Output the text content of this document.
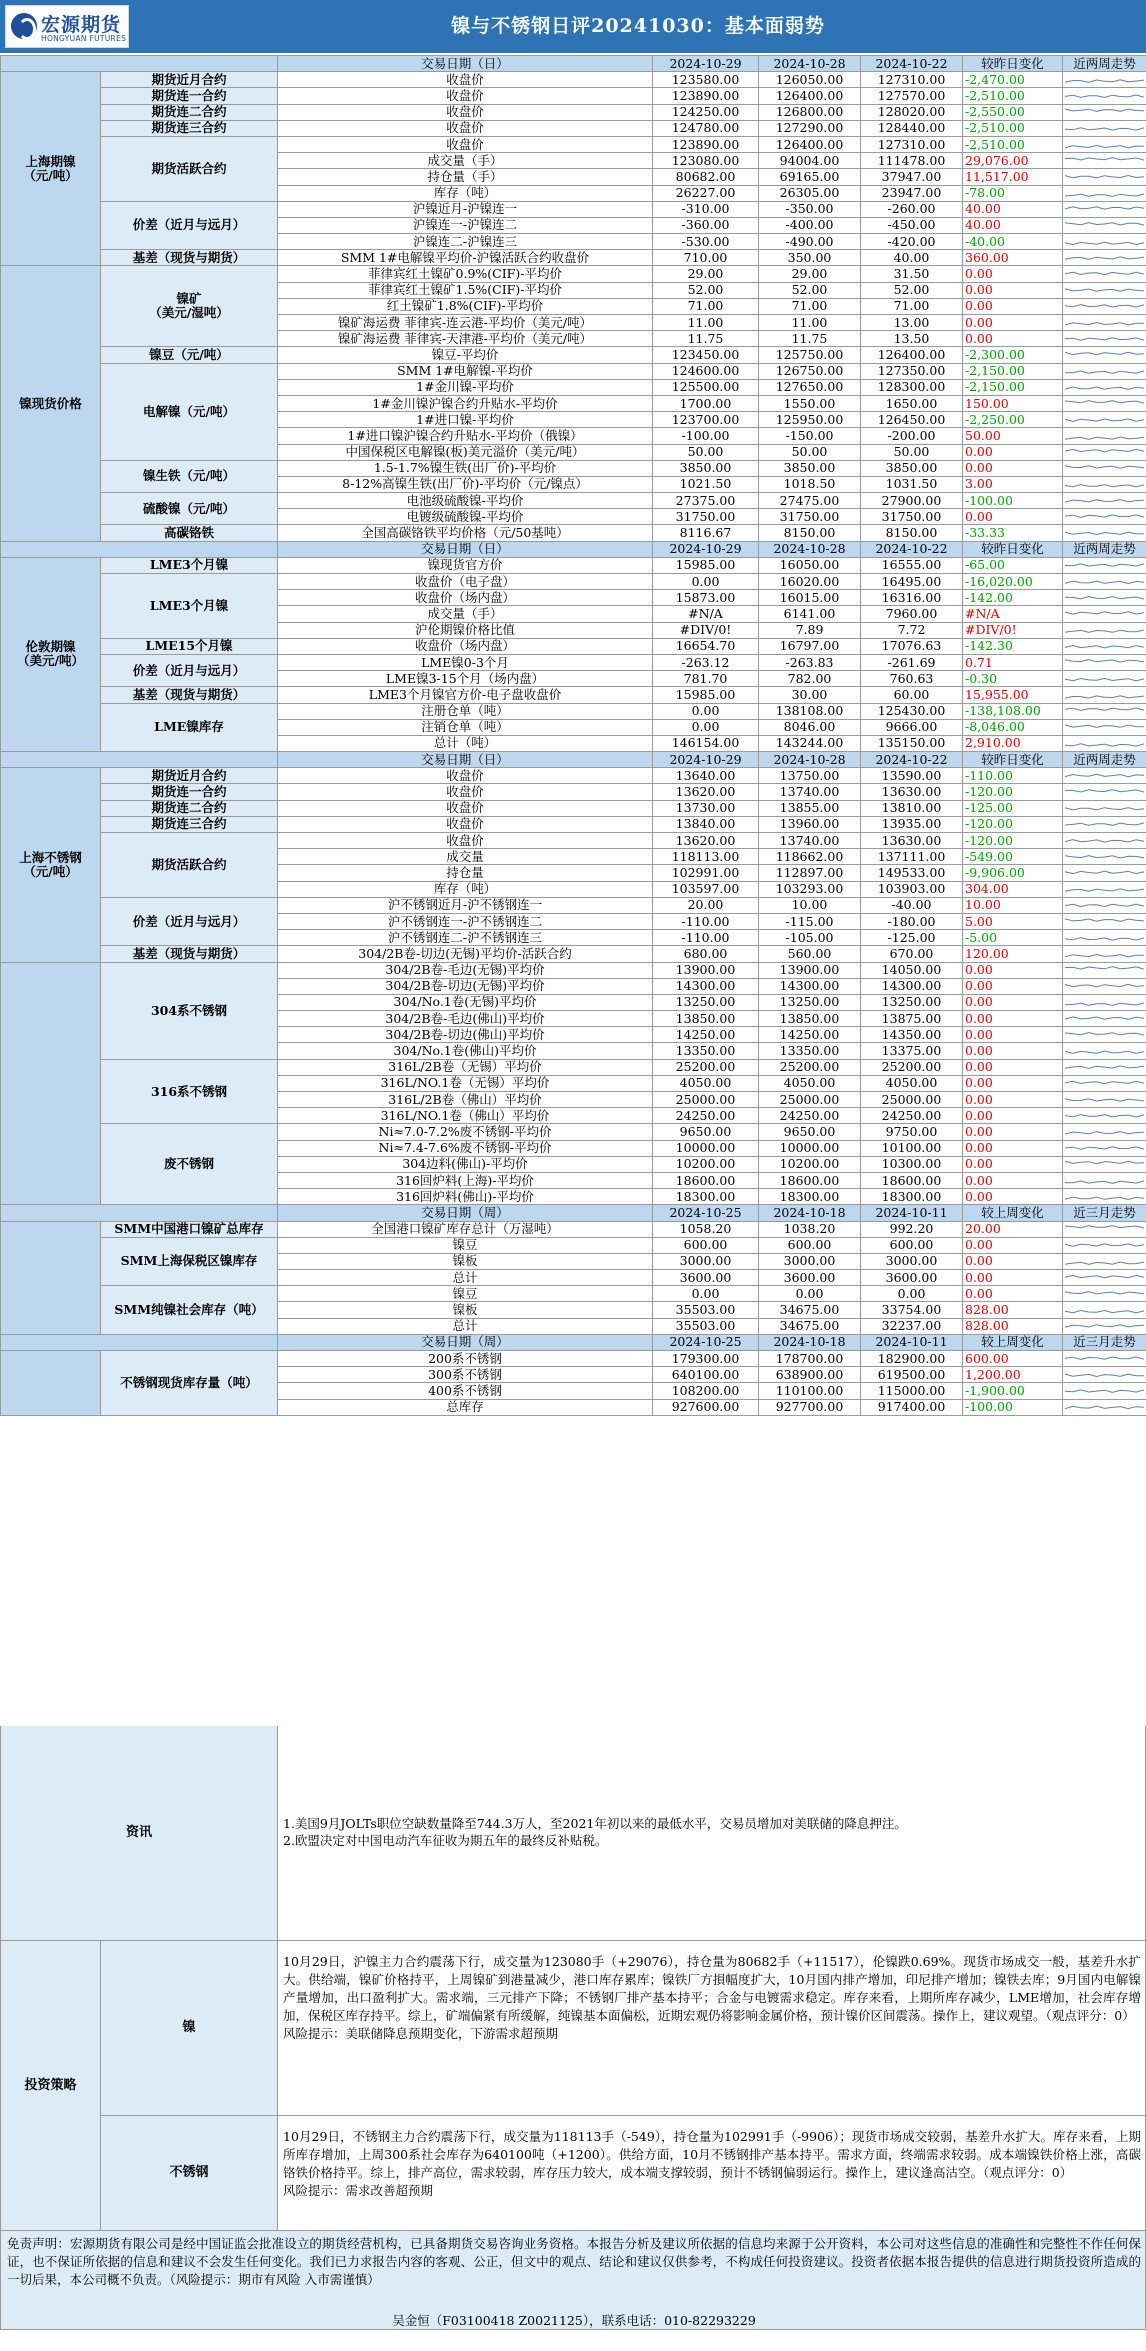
宏源期货
HONGYUAN FUTURES
镍与不锈钢日评20241030：基本面弱势
		交易日期（日）	2024-10-29	2024-10-28	2024-10-22	较昨日变化	近两周走势
上海期镍
（元/吨）	期货近月合约	收盘价	123580.00	126050.00	127310.00	-2,470.00	

	期货连一合约	收盘价	123890.00	126400.00	127570.00	-2,510.00	

	期货连二合约	收盘价	124250.00	126800.00	128020.00	-2,550.00	

	期货连三合约	收盘价	124780.00	127290.00	128440.00	-2,510.00	

	期货活跃合约	收盘价	123890.00	126400.00	127310.00	-2,510.00	

		成交量（手）	123080.00	94004.00	111478.00	29,076.00	

		持仓量（手）	80682.00	69165.00	37947.00	11,517.00	

		库存（吨）	26227.00	26305.00	23947.00	-78.00	

	价差（近月与远月）	沪镍近月-沪镍连一	-310.00	-350.00	-260.00	40.00	

		沪镍连一-沪镍连二	-360.00	-400.00	-450.00	40.00	

		沪镍连二-沪镍连三	-530.00	-490.00	-420.00	-40.00	

	基差（现货与期货）	SMM 1#电解镍平均价-沪镍活跃合约收盘价	710.00	350.00	40.00	360.00	

镍现货价格	镍矿
（美元/湿吨）	菲律宾红土镍矿0.9%(CIF)-平均价	29.00	29.00	31.50	0.00	

		菲律宾红土镍矿1.5%(CIF)-平均价	52.00	52.00	52.00	0.00	

		红土镍矿1.8%(CIF)-平均价	71.00	71.00	71.00	0.00	

		镍矿海运费 菲律宾-连云港-平均价（美元/吨）	11.00	11.00	13.00	0.00	

		镍矿海运费 菲律宾-天津港-平均价（美元/吨）	11.75	11.75	13.50	0.00	

	镍豆（元/吨）	镍豆-平均价	123450.00	125750.00	126400.00	-2,300.00	

	电解镍（元/吨）	SMM 1#电解镍-平均价	124600.00	126750.00	127350.00	-2,150.00	

		1#金川镍-平均价	125500.00	127650.00	128300.00	-2,150.00	

		1#金川镍沪镍合约升贴水-平均价	1700.00	1550.00	1650.00	150.00	

		1#进口镍-平均价	123700.00	125950.00	126450.00	-2,250.00	

		1#进口镍沪镍合约升贴水-平均价（俄镍）	-100.00	-150.00	-200.00	50.00	

		中国保税区电解镍(板)美元溢价（美元/吨）	50.00	50.00	50.00	0.00	

	镍生铁（元/吨）	1.5-1.7%镍生铁(出厂价)-平均价	3850.00	3850.00	3850.00	0.00	

		8-12%高镍生铁(出厂价)-平均价（元/镍点）	1021.50	1018.50	1031.50	3.00	

	硫酸镍（元/吨）	电池级硫酸镍-平均价	27375.00	27475.00	27900.00	-100.00	

		电镀级硫酸镍-平均价	31750.00	31750.00	31750.00	0.00	

	高碳铬铁	全国高碳铬铁平均价格（元/50基吨）	8116.67	8150.00	8150.00	-33.33	

		交易日期（日）	2024-10-29	2024-10-28	2024-10-22	较昨日变化	近两周走势
伦敦期镍
（美元/吨）	LME3个月镍	镍现货官方价	15985.00	16050.00	16555.00	-65.00	

	LME3个月镍	收盘价（电子盘）	0.00	16020.00	16495.00	-16,020.00	

		收盘价（场内盘）	15873.00	16015.00	16316.00	-142.00	

		成交量（手）	#N/A	6141.00	7960.00	#N/A	

		沪伦期镍价格比值	#DIV/0!	7.89	7.72	#DIV/0!	

	LME15个月镍	收盘价（场内盘）	16654.70	16797.00	17076.63	-142.30	

	价差（近月与远月）	LME镍0-3个月	-263.12	-263.83	-261.69	0.71	

		LME镍3-15个月（场内盘）	781.70	782.00	760.63	-0.30	

	基差（现货与期货）	LME3个月镍官方价-电子盘收盘价	15985.00	30.00	60.00	15,955.00	

	LME镍库存	注册仓单（吨）	0.00	138108.00	125430.00	-138,108.00	

		注销仓单（吨）	0.00	8046.00	9666.00	-8,046.00	

		总计（吨）	146154.00	143244.00	135150.00	2,910.00	

		交易日期（日）	2024-10-29	2024-10-28	2024-10-22	较昨日变化	近两周走势
上海不锈钢
（元/吨）	期货近月合约	收盘价	13640.00	13750.00	13590.00	-110.00	

	期货连一合约	收盘价	13620.00	13740.00	13630.00	-120.00	

	期货连二合约	收盘价	13730.00	13855.00	13810.00	-125.00	

	期货连三合约	收盘价	13840.00	13960.00	13935.00	-120.00	

	期货活跃合约	收盘价	13620.00	13740.00	13630.00	-120.00	

		成交量	118113.00	118662.00	137111.00	-549.00	

		持仓量	102991.00	112897.00	149533.00	-9,906.00	

		库存（吨）	103597.00	103293.00	103903.00	304.00	

	价差（近月与远月）	沪不锈钢近月-沪不锈钢连一	20.00	10.00	-40.00	10.00	

		沪不锈钢连一-沪不锈钢连二	-110.00	-115.00	-180.00	5.00	

		沪不锈钢连二-沪不锈钢连三	-110.00	-105.00	-125.00	-5.00	

	基差（现货与期货）	304/2B卷-切边(无锡)平均价-活跃合约	680.00	560.00	670.00	120.00	

	304系不锈钢	304/2B卷-毛边(无锡)平均价	13900.00	13900.00	14050.00	0.00	

		304/2B卷-切边(无锡)平均价	14300.00	14300.00	14300.00	0.00	

		304/No.1卷(无锡)平均价	13250.00	13250.00	13250.00	0.00	

		304/2B卷-毛边(佛山)平均价	13850.00	13850.00	13875.00	0.00	

		304/2B卷-切边(佛山)平均价	14250.00	14250.00	14350.00	0.00	

		304/No.1卷(佛山)平均价	13350.00	13350.00	13375.00	0.00	

	316系不锈钢	316L/2B卷（无锡）平均价	25200.00	25200.00	25200.00	0.00	

		316L/NO.1卷（无锡）平均价	4050.00	4050.00	4050.00	0.00	

		316L/2B卷（佛山）平均价	25000.00	25000.00	25000.00	0.00	

		316L/NO.1卷（佛山）平均价	24250.00	24250.00	24250.00	0.00	

	废不锈钢	Ni≈7.0-7.2%废不锈钢-平均价	9650.00	9650.00	9750.00	0.00	

		Ni≈7.4-7.6%废不锈钢-平均价	10000.00	10000.00	10100.00	0.00	

		304边料(佛山)-平均价	10200.00	10200.00	10300.00	0.00	

		316回炉料(上海)-平均价	18600.00	18600.00	18600.00	0.00	

		316回炉料(佛山)-平均价	18300.00	18300.00	18300.00	0.00	

		交易日期（周）	2024-10-25	2024-10-18	2024-10-11	较上周变化	近三月走势
	SMM中国港口镍矿总库存	全国港口镍矿库存总计（万湿吨）	1058.20	1038.20	992.20	20.00	

	SMM上海保税区镍库存	镍豆	600.00	600.00	600.00	0.00	

		镍板	3000.00	3000.00	3000.00	0.00	

		总计	3600.00	3600.00	3600.00	0.00	

	SMM纯镍社会库存（吨）	镍豆	0.00	0.00	0.00	0.00	

		镍板	35503.00	34675.00	33754.00	828.00	

		总计	35503.00	34675.00	32237.00	828.00	

		交易日期（周）	2024-10-25	2024-10-18	2024-10-11	较上周变化	近三月走势
	不锈钢现货库存量（吨）	200系不锈钢	179300.00	178700.00	182900.00	600.00	

		300系不锈钢	640100.00	638900.00	619500.00	1,200.00	

		400系不锈钢	108200.00	110100.00	115000.00	-1,900.00	

		总库存	927600.00	927700.00	917400.00	-100.00	
资讯
1.美国9月JOLTs职位空缺数量降至744.3万人，至2021年初以来的最低水平，交易员增加对美联储的降息押注。
2.欧盟决定对中国电动汽车征收为期五年的最终反补贴税。
投资策略
镍
10月29日，沪镍主力合约震荡下行，成交量为123080手（+29076），持仓量为80682手（+11517），伦镍跌0.69%。现货市场成交一般，基差升水扩大。供给端，镍矿价格持平，上周镍矿到港量减少，港口库存累库；镍铁厂方損幅度扩大，10月国内排产增加，印尼排产增加；镍铁去库；9月国内电解镍产量增加，出口盈利扩大。需求端，三元排产下降；不锈钢厂排产基本持平；合金与电镀需求稳定。库存来看，上期所库存减少，LME增加，社会库存增加，保税区库存持平。综上，矿端偏紧有所缓解，纯镍基本面偏松，近期宏观仍将影响金属价格，预计镍价区间震荡。操作上，建议观望。（观点评分：0）
风险提示：美联储降息预期变化，下游需求超预期
不锈钢
10月29日，不锈钢主力合约震荡下行，成交量为118113手（-549），持仓量为102991手（-9906）；现货市场成交较弱，基差升水扩大。库存来看，上期所库存增加，上周300系社会库存为640100吨（+1200）。供给方面，10月不锈钢排产基本持平。需求方面，终端需求较弱。成本端镍铁价格上涨，高碳铬铁价格持平。综上，排产高位，需求较弱，库存压力较大，成本端支撑较弱，预计不锈钢偏弱运行。操作上，建议逢高沽空。（观点评分：0）
风险提示：需求改善超预期
免责声明：宏源期货有限公司是经中国证监会批准设立的期货经营机构，已具备期货交易咨询业务资格。本报告分析及建议所依据的信息均来源于公开资料，本公司对这些信息的准确性和完整性不作任何保证，也不保证所依据的信息和建议不会发生任何变化。我们已力求报告内容的客观、公正，但文中的观点、结论和建议仅供参考，不构成任何投资建议。投资者依据本报告提供的信息进行期货投资所造成的一切后果，本公司概不负责。（风险提示：期市有风险 入市需谨慎）
吴金恒（F03100418 Z0021125），联系电话：010-82293229
